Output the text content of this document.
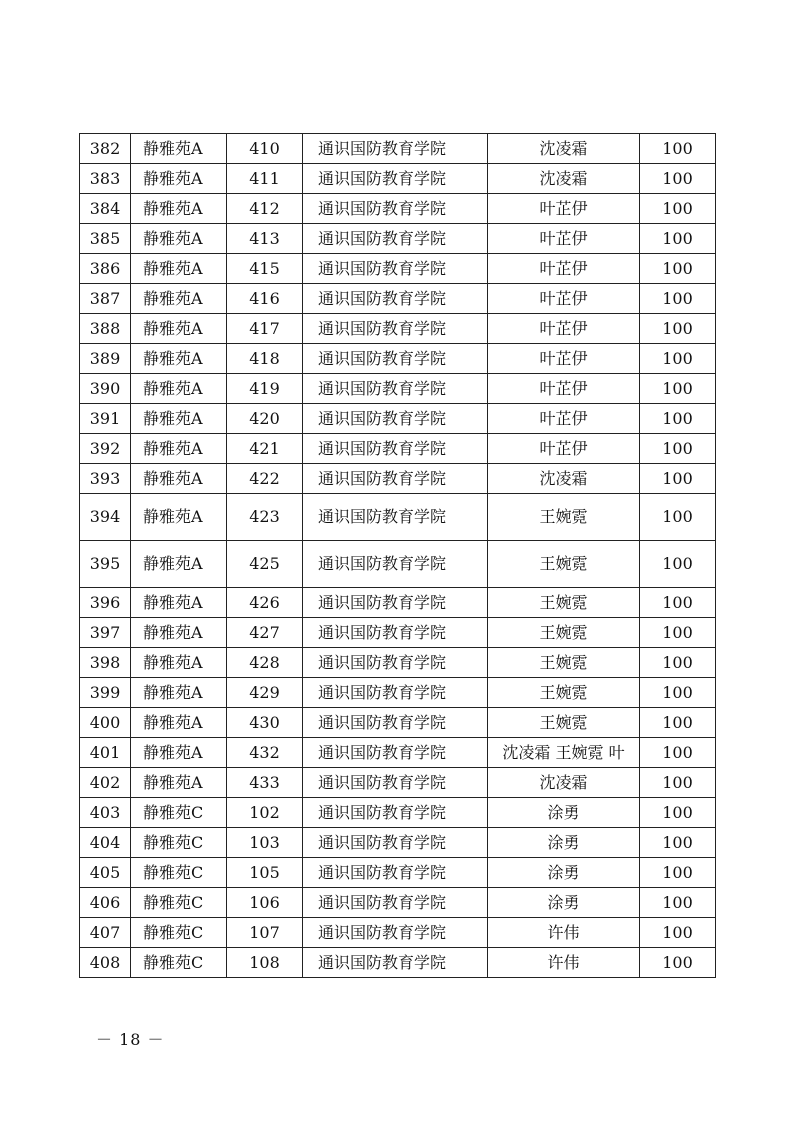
382	静雅苑A	410	通识国防教育学院	沈凌霜	100
383	静雅苑A	411	通识国防教育学院	沈凌霜	100
384	静雅苑A	412	通识国防教育学院	叶芷伊	100
385	静雅苑A	413	通识国防教育学院	叶芷伊	100
386	静雅苑A	415	通识国防教育学院	叶芷伊	100
387	静雅苑A	416	通识国防教育学院	叶芷伊	100
388	静雅苑A	417	通识国防教育学院	叶芷伊	100
389	静雅苑A	418	通识国防教育学院	叶芷伊	100
390	静雅苑A	419	通识国防教育学院	叶芷伊	100
391	静雅苑A	420	通识国防教育学院	叶芷伊	100
392	静雅苑A	421	通识国防教育学院	叶芷伊	100
393	静雅苑A	422	通识国防教育学院	沈凌霜	100
394	静雅苑A	423	通识国防教育学院	王婉霓	100
395	静雅苑A	425	通识国防教育学院	王婉霓	100
396	静雅苑A	426	通识国防教育学院	王婉霓	100
397	静雅苑A	427	通识国防教育学院	王婉霓	100
398	静雅苑A	428	通识国防教育学院	王婉霓	100
399	静雅苑A	429	通识国防教育学院	王婉霓	100
400	静雅苑A	430	通识国防教育学院	王婉霓	100
401	静雅苑A	432	通识国防教育学院	沈凌霜 王婉霓 叶	100
402	静雅苑A	433	通识国防教育学院	沈凌霜	100
403	静雅苑C	102	通识国防教育学院	涂勇	100
404	静雅苑C	103	通识国防教育学院	涂勇	100
405	静雅苑C	105	通识国防教育学院	涂勇	100
406	静雅苑C	106	通识国防教育学院	涂勇	100
407	静雅苑C	107	通识国防教育学院	许伟	100
408	静雅苑C	108	通识国防教育学院	许伟	100
－ 18 －
